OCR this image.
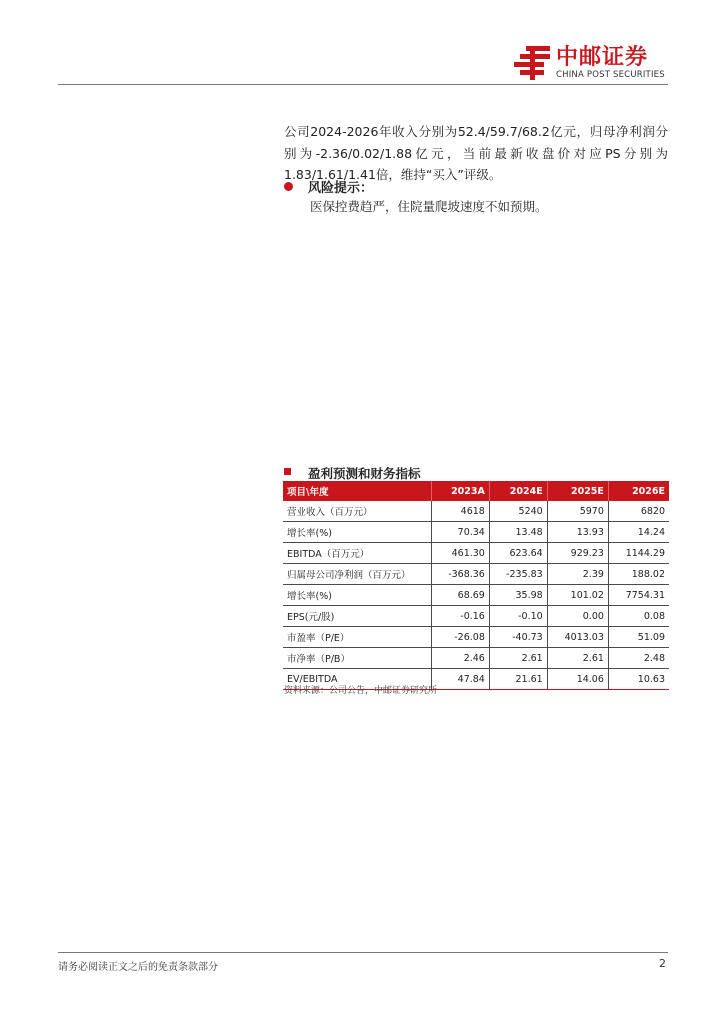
中邮证券
CHINA POST SECURITIES
公司2024-2026年收入分别为52.4/59.7/68.2亿元，归母净利润分别为-2.36/0.02/1.88亿元，当前最新收盘价对应PS分别为1.83/1.61/1.41倍，维持“买入”评级。
风险提示：
医保控费趋严，住院量爬坡速度不如预期。
盈利预测和财务指标
项目\年度	2023A	2024E	2025E	2026E
营业收入（百万元）	4618	5240	5970	6820
增长率(%)	70.34	13.48	13.93	14.24
EBITDA（百万元）	461.30	623.64	929.23	1144.29
归属母公司净利润（百万元）	-368.36	-235.83	2.39	188.02
增长率(%)	68.69	35.98	101.02	7754.31
EPS(元/股)	-0.16	-0.10	0.00	0.08
市盈率（P/E）	-26.08	-40.73	4013.03	51.09
市净率（P/B）	2.46	2.61	2.61	2.48
EV/EBITDA	47.84	21.61	14.06	10.63
资料来源：公司公告，中邮证券研究所
请务必阅读正文之后的免责条款部分	2
